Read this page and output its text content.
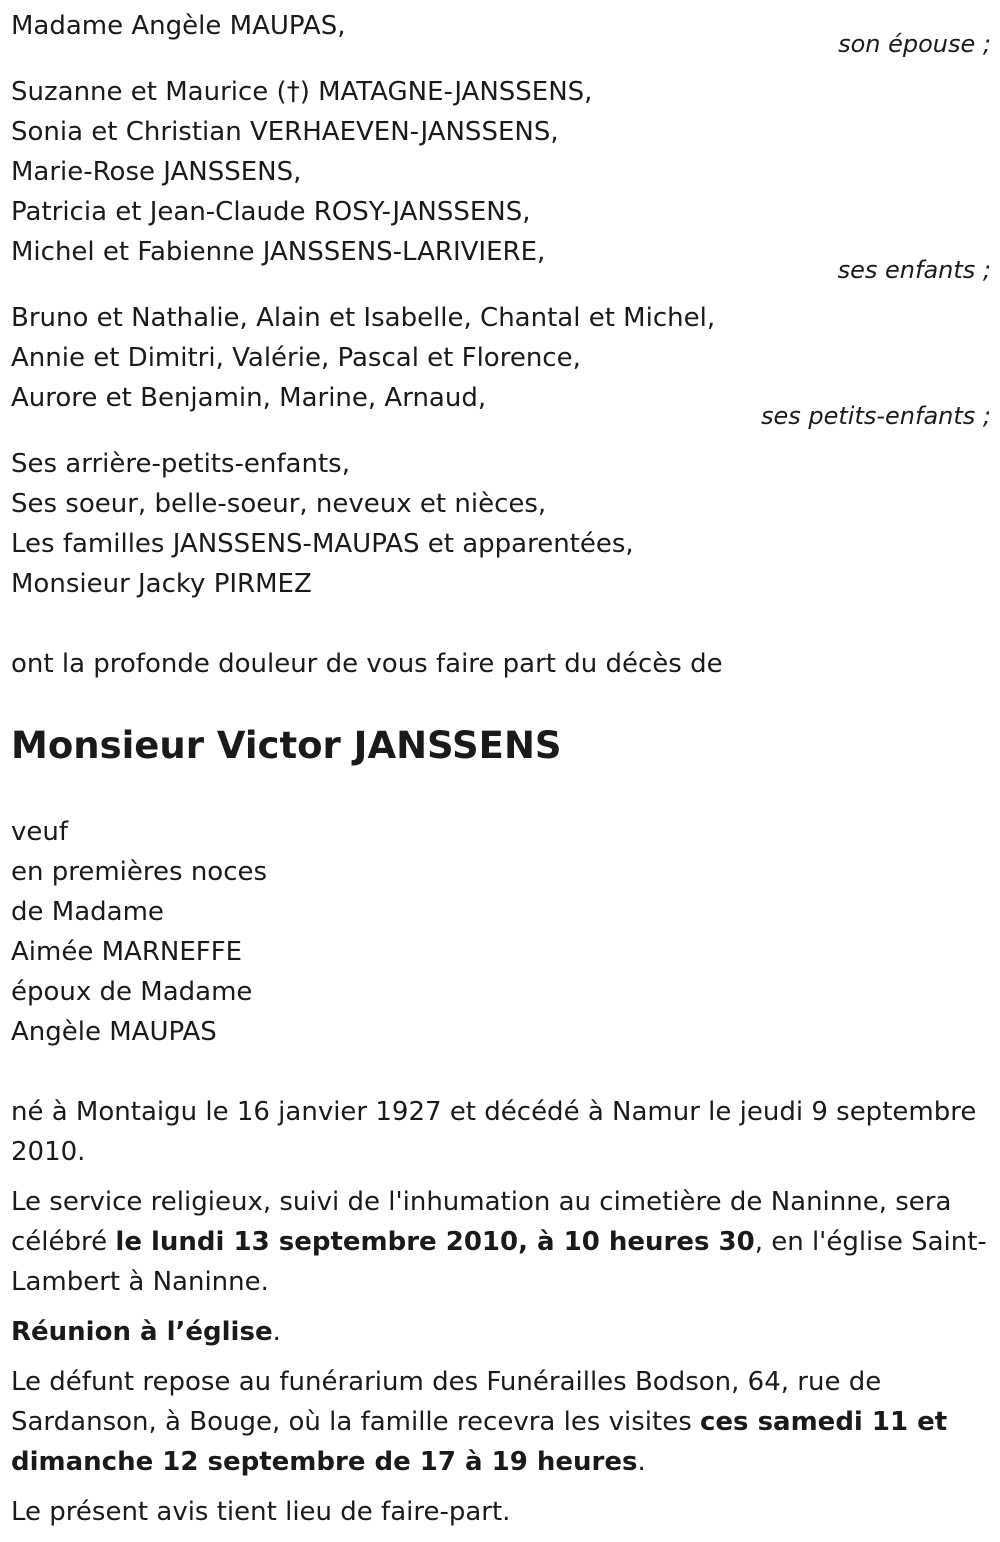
Madame Angèle MAUPAS,
son épouse ;
Suzanne et Maurice (†) MATAGNE-JANSSENS,
Sonia et Christian VERHAEVEN-JANSSENS,
Marie-Rose JANSSENS,
Patricia et Jean-Claude ROSY-JANSSENS,
Michel et Fabienne JANSSENS-LARIVIERE,
ses enfants ;
Bruno et Nathalie, Alain et Isabelle, Chantal et Michel,
Annie et Dimitri, Valérie, Pascal et Florence,
Aurore et Benjamin, Marine, Arnaud,
ses petits-enfants ;
Ses arrière-petits-enfants,
Ses soeur, belle-soeur, neveux et nièces,
Les familles JANSSENS-MAUPAS et apparentées,
Monsieur Jacky PIRMEZ
ont la profonde douleur de vous faire part du décès de
Monsieur Victor JANSSENS
veuf
en premières noces
de Madame
Aimée MARNEFFE
époux de Madame
Angèle MAUPAS

né à Montaigu le 16 janvier 1927 et décédé à Namur le jeudi 9 septembre 2010.

Le service religieux, suivi de l'inhumation au cimetière de Naninne, sera célébré le lundi 13 septembre 2010, à 10 heures 30, en l'église Saint-Lambert à Naninne.

Réunion à l’église.

Le défunt repose au funérarium des Funérailles Bodson, 64, rue de Sardanson, à Bouge, où la famille recevra les visites ces samedi 11 et dimanche 12 septembre de 17 à 19 heures.

Le présent avis tient lieu de faire-part.
